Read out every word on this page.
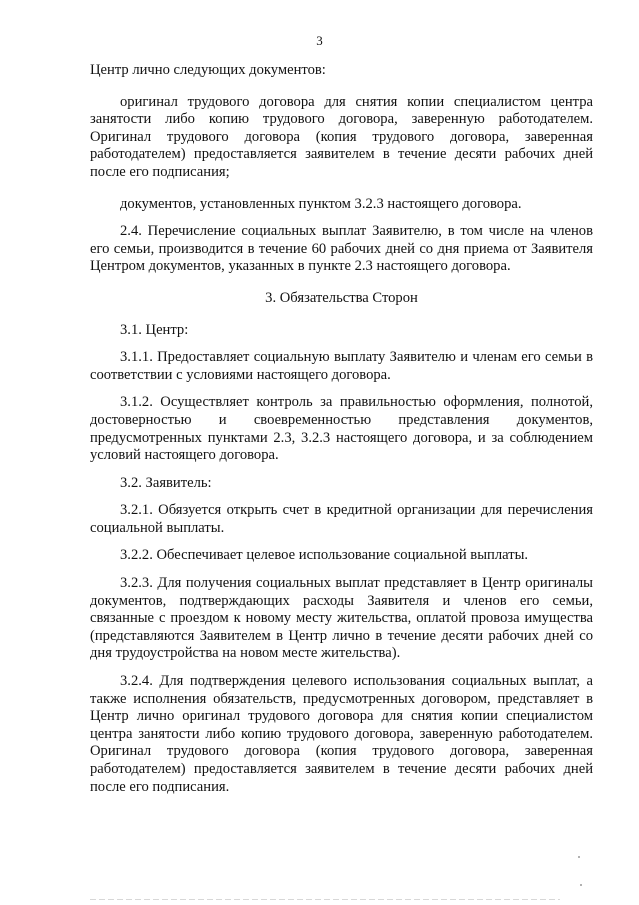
3

Центр лично следующих документов:

оригинал трудового договора для снятия копии специалистом центра занятости либо копию трудового договора, заверенную работодателем. Оригинал трудового договора (копия трудового договора, заверенная работодателем) предоставляется заявителем в течение десяти рабочих дней после его подписания;

документов, установленных пунктом 3.2.3 настоящего договора.

2.4. Перечисление социальных выплат Заявителю, в том числе на членов его семьи, производится в течение 60 рабочих дней со дня приема от Заявителя Центром документов, указанных в пункте 2.3 настоящего договора.

3. Обязательства Сторон

3.1. Центр:

3.1.1. Предоставляет социальную выплату Заявителю и членам его семьи в соответствии с условиями настоящего договора.

3.1.2. Осуществляет контроль за правильностью оформления, полнотой, достоверностью и своевременностью представления документов, предусмотренных пунктами 2.3, 3.2.3 настоящего договора, и за соблюдением условий настоящего договора.

3.2. Заявитель:

3.2.1. Обязуется открыть счет в кредитной организации для перечисления социальной выплаты.

3.2.2. Обеспечивает целевое использование социальной выплаты.

3.2.3. Для получения социальных выплат представляет в Центр оригиналы документов, подтверждающих расходы Заявителя и членов его семьи, связанные с проездом к новому месту жительства, оплатой провоза имущества (представляются Заявителем в Центр лично в течение десяти рабочих дней со дня трудоустройства на новом месте жительства).

3.2.4. Для подтверждения целевого использования социальных выплат, а также исполнения обязательств, предусмотренных договором, представляет в Центр лично оригинал трудового договора для снятия копии специалистом центра занятости либо копию трудового договора, заверенную работодателем. Оригинал трудового договора (копия трудового договора, заверенная работодателем) предоставляется заявителем в течение десяти рабочих дней после его подписания.
